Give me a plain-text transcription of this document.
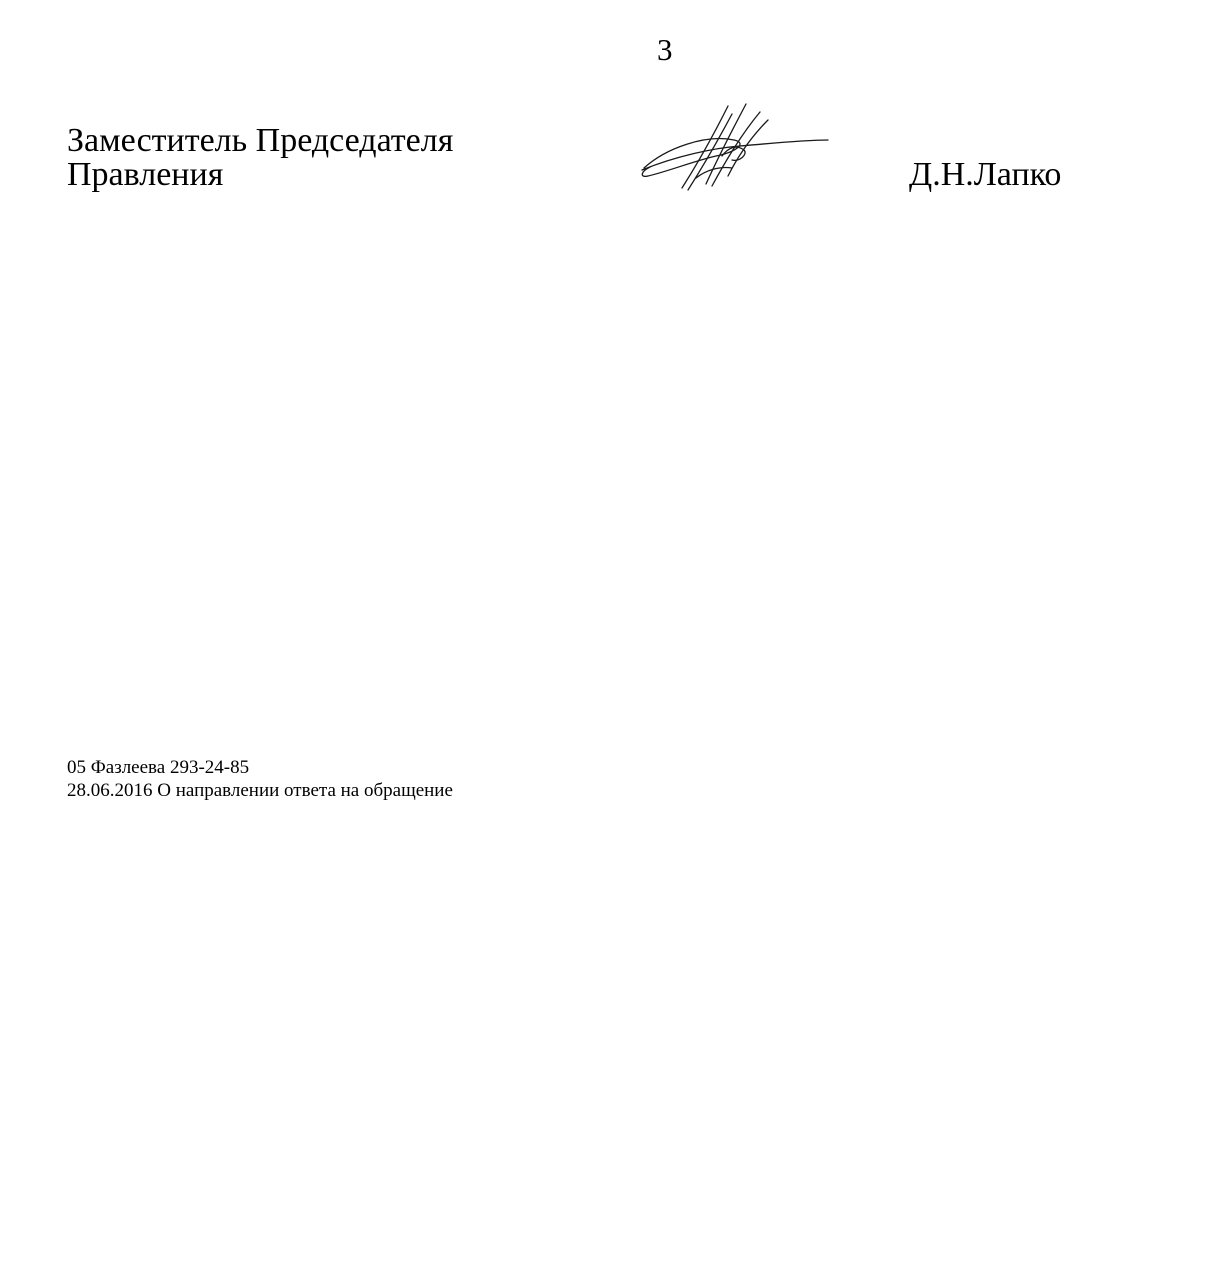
3
Заместитель Председателя
Правления	Д.Н.Лапко
05 Фазлеева 293-24-85
28.06.2016 О направлении ответа на обращение
